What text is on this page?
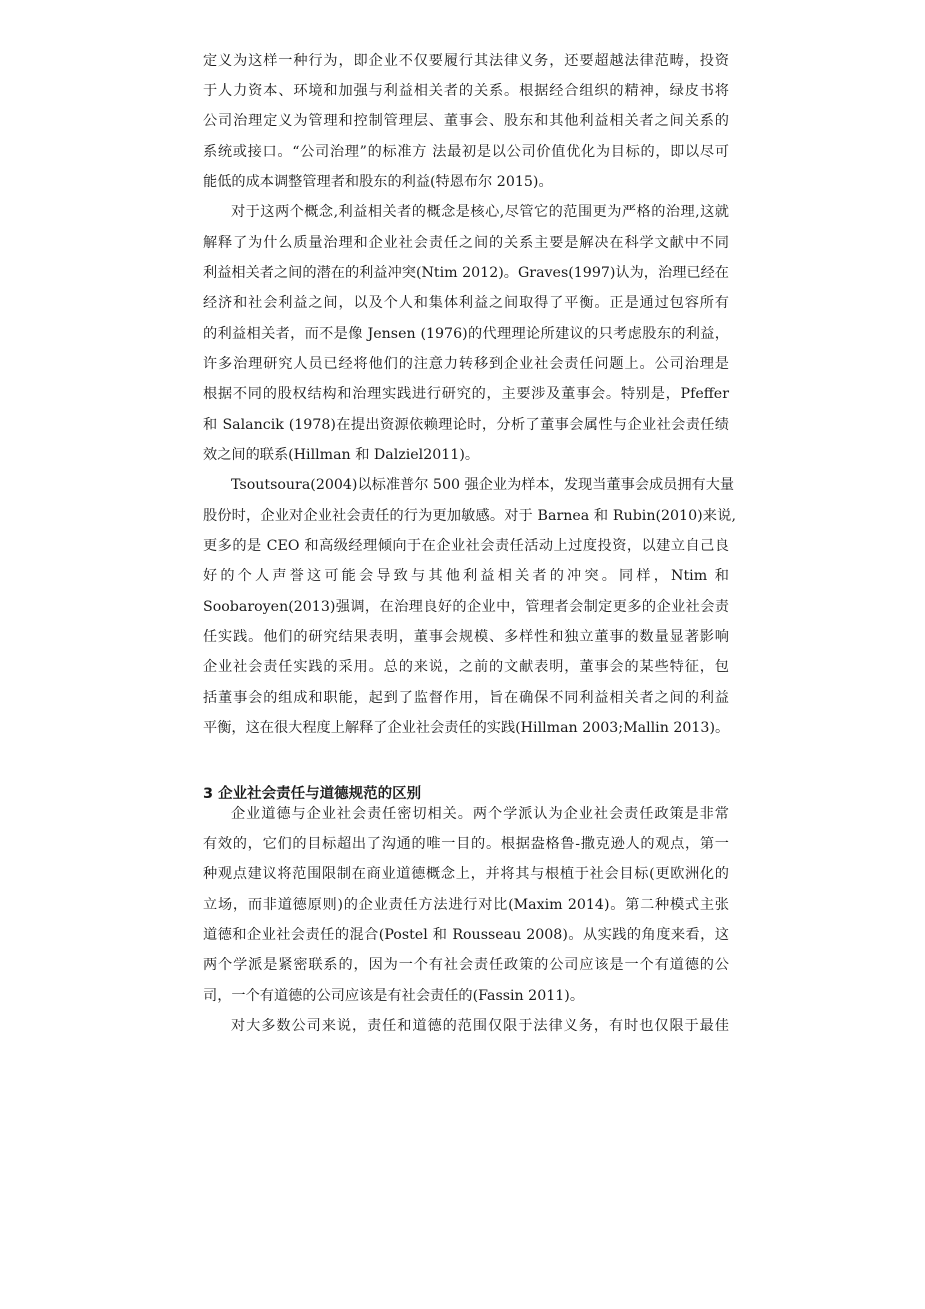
定义为这样一种行为，即企业不仅要履行其法律义务，还要超越法律范畴，投资
于人力资本、环境和加强与利益相关者的关系。根据经合组织的精神，绿皮书将
公司治理定义为管理和控制管理层、董事会、股东和其他利益相关者之间关系的
系统或接口。“公司治理”的标准方 法最初是以公司价值优化为目标的，即以尽可
能低的成本调整管理者和股东的利益(特恩布尔 2015)。
对于这两个概念,利益相关者的概念是核心,尽管它的范围更为严格的治理,这就
解释了为什么质量治理和企业社会责任之间的关系主要是解决在科学文献中不同
利益相关者之间的潜在的利益冲突(Ntim 2012)。Graves(1997)认为，治理已经在
经济和社会利益之间，以及个人和集体利益之间取得了平衡。正是通过包容所有
的利益相关者，而不是像 Jensen (1976)的代理理论所建议的只考虑股东的利益，
许多治理研究人员已经将他们的注意力转移到企业社会责任问题上。公司治理是
根据不同的股权结构和治理实践进行研究的，主要涉及董事会。特别是，Pfeffer
和 Salancik (1978)在提出资源依赖理论时，分析了董事会属性与企业社会责任绩
效之间的联系(Hillman 和 Dalziel2011)。
Tsoutsoura(2004)以标准普尔 500 强企业为样本，发现当董事会成员拥有大量
股份时，企业对企业社会责任的行为更加敏感。对于 Barnea 和 Rubin(2010)来说,
更多的是 CEO 和高级经理倾向于在企业社会责任活动上过度投资，以建立自己良
好的个人声誉这可能会导致与其他利益相关者的冲突。同样，Ntim 和
Soobaroyen(2013)强调，在治理良好的企业中，管理者会制定更多的企业社会责
任实践。他们的研究结果表明，董事会规模、多样性和独立董事的数量显著影响
企业社会责任实践的采用。总的来说，之前的文献表明，董事会的某些特征，包
括董事会的组成和职能，起到了监督作用，旨在确保不同利益相关者之间的利益
平衡，这在很大程度上解释了企业社会责任的实践(Hillman 2003;Mallin 2013)。
3 企业社会责任与道德规范的区别
企业道德与企业社会责任密切相关。两个学派认为企业社会责任政策是非常
有效的，它们的目标超出了沟通的唯一目的。根据盎格鲁-撒克逊人的观点，第一
种观点建议将范围限制在商业道德概念上，并将其与根植于社会目标(更欧洲化的
立场，而非道德原则)的企业责任方法进行对比(Maxim 2014)。第二种模式主张
道德和企业社会责任的混合(Postel 和 Rousseau 2008)。从实践的角度来看，这
两个学派是紧密联系的，因为一个有社会责任政策的公司应该是一个有道德的公
司，一个有道德的公司应该是有社会责任的(Fassin 2011)。
对大多数公司来说，责任和道德的范围仅限于法律义务，有时也仅限于最佳
